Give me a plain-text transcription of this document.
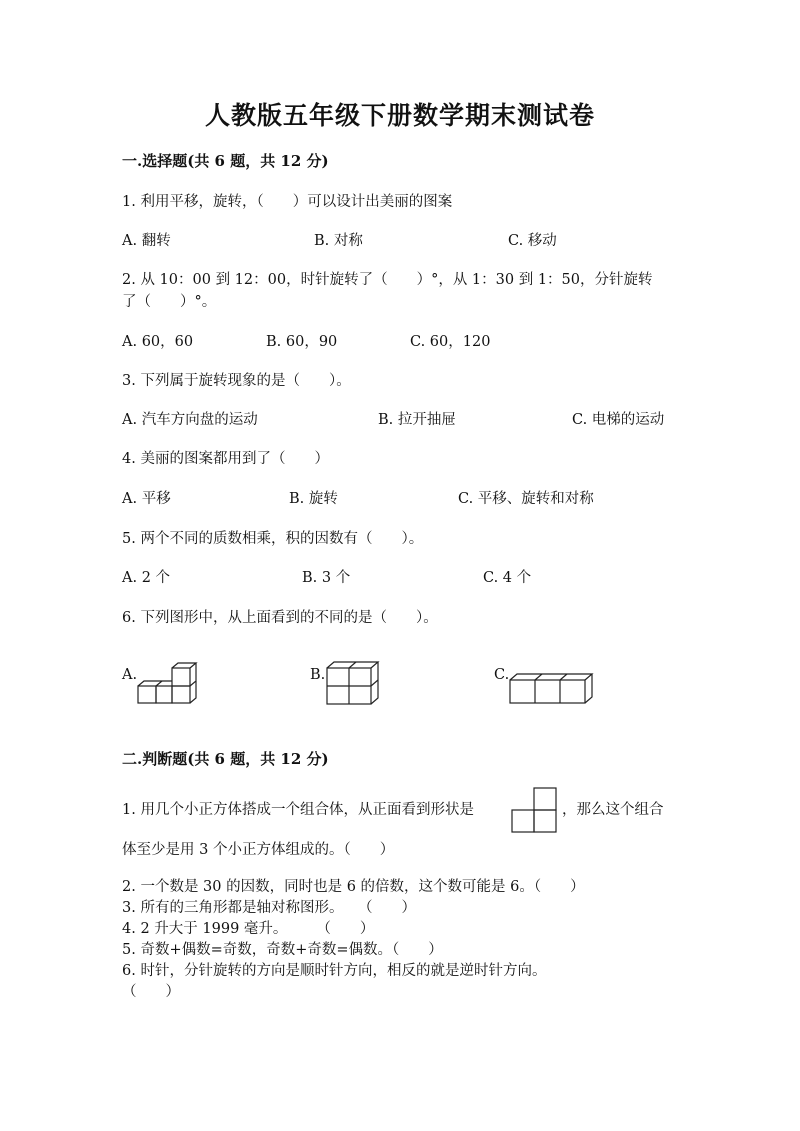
人教版五年级下册数学期末测试卷
一.选择题(共 6 题，共 12 分)
1. 利用平移，旋转，（　　）可以设计出美丽的图案
A. 翻转	B. 对称	C. 移动
2. 从 10：00 到 12：00，时针旋转了（　　）°，从 1：30 到 1：50，分针旋转
了（　　）°。
A. 60，60	B. 60，90	C. 60，120
3. 下列属于旋转现象的是（　　）。
A. 汽车方向盘的运动	B. 拉开抽屉	C. 电梯的运动
4. 美丽的图案都用到了（　　）
A. 平移	B. 旋转	C. 平移、旋转和对称
5. 两个不同的质数相乘，积的因数有（　　）。
A. 2 个	B. 3 个	C. 4 个
6. 下列图形中，从上面看到的不同的是（　　）。
A.	B.	C.
二.判断题(共 6 题，共 12 分)
1. 用几个小正方体搭成一个组合体，从正面看到形状是	，那么这个组合
体至少是用 3 个小正方体组成的。（　　）
2. 一个数是 30 的因数，同时也是 6 的倍数，这个数可能是 6。（　　）
3. 所有的三角形都是轴对称图形。　　（　　）
4. 2 升大于 1999 毫升。　　　（　　）
5. 奇数+偶数=奇数，奇数+奇数=偶数。（　　）
6. 时针，分针旋转的方向是顺时针方向，相反的就是逆时针方向。
（　　）
